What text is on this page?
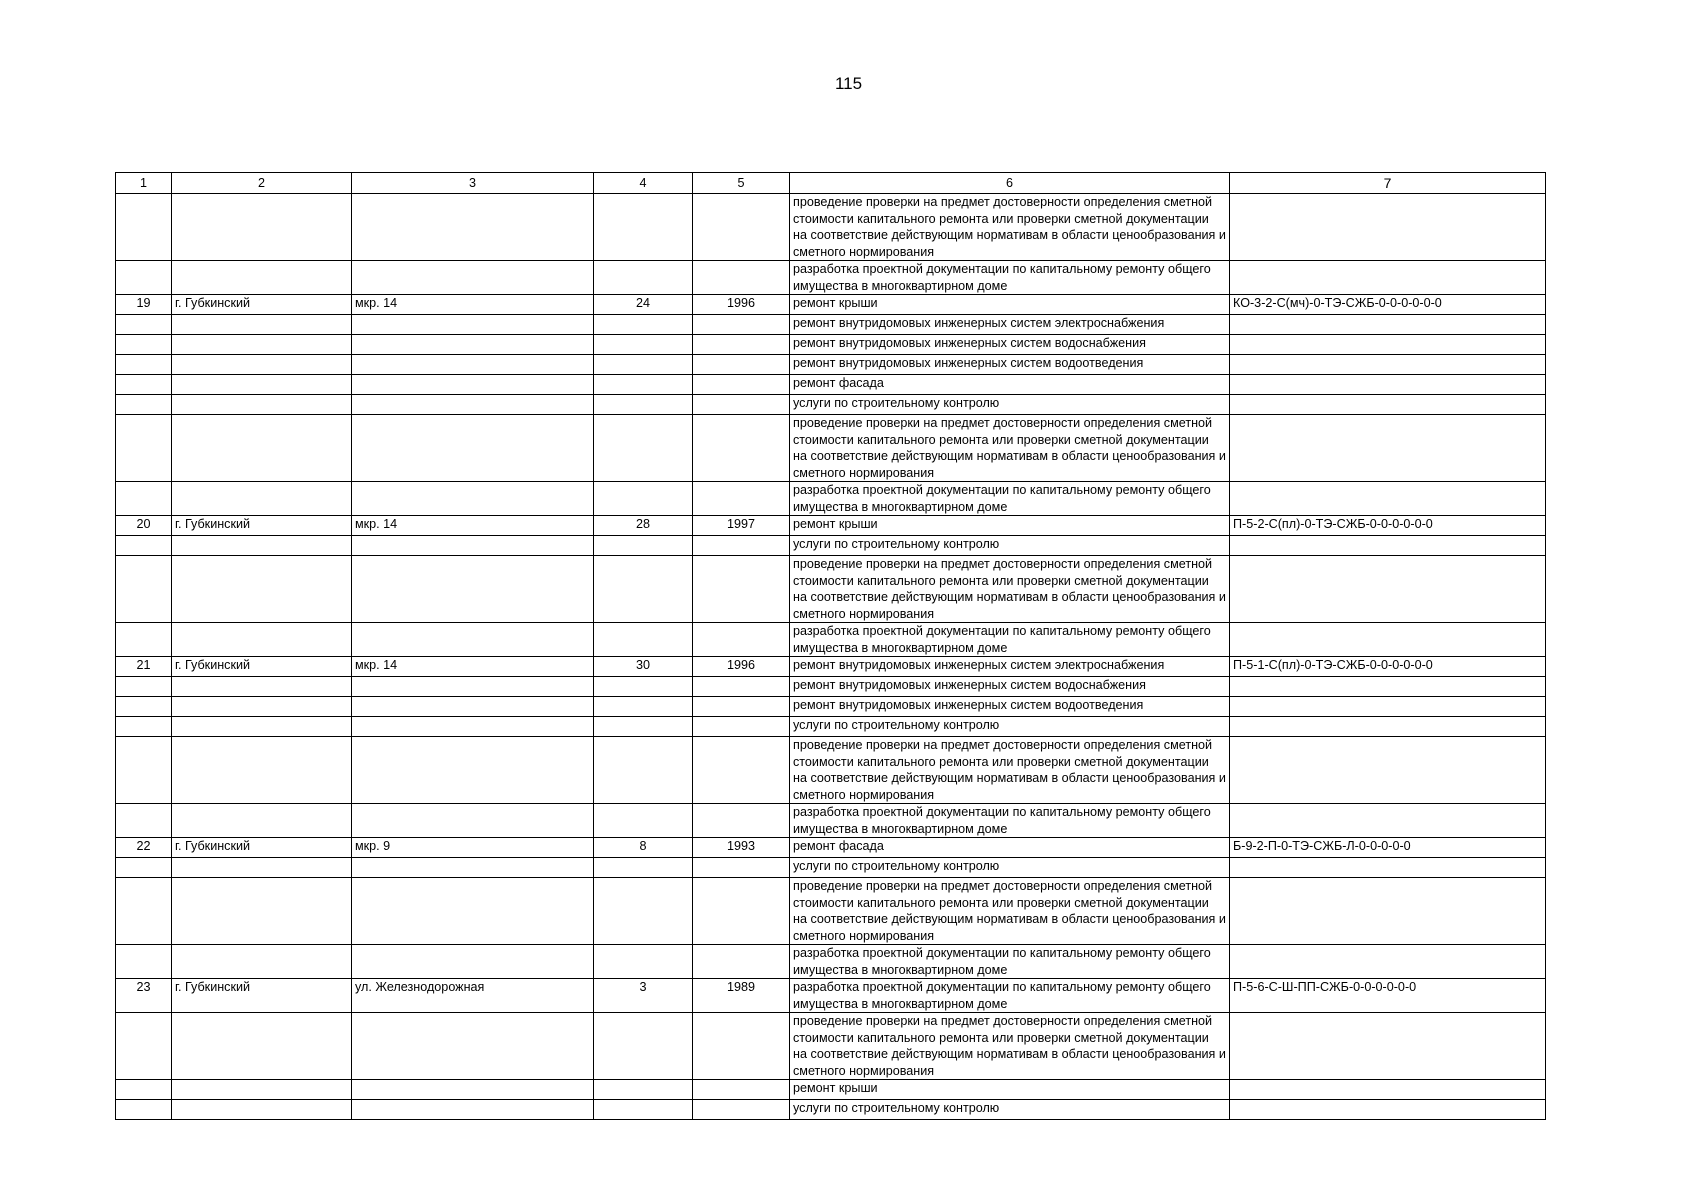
115
1	2	3	4	5	6	7
					проведение проверки на предмет достоверности определения сметной стоимости капитального ремонта или проверки сметной документации на соответствие действующим нормативам в области ценообразования и сметного нормирования	
					разработка проектной документации по капитальному ремонту общего имущества в многоквартирном доме	
19	г. Губкинский	мкр. 14	24	1996	ремонт крыши	КО-3-2-С(мч)-0-ТЭ-СЖБ-0-0-0-0-0-0
					ремонт внутридомовых инженерных систем электроснабжения	
					ремонт внутридомовых инженерных систем водоснабжения	
					ремонт внутридомовых инженерных систем водоотведения	
					ремонт фасада	
					услуги по строительному контролю	
					проведение проверки на предмет достоверности определения сметной стоимости капитального ремонта или проверки сметной документации на соответствие действующим нормативам в области ценообразования и сметного нормирования	
					разработка проектной документации по капитальному ремонту общего имущества в многоквартирном доме	
20	г. Губкинский	мкр. 14	28	1997	ремонт крыши	П-5-2-С(пл)-0-ТЭ-СЖБ-0-0-0-0-0-0
					услуги по строительному контролю	
					проведение проверки на предмет достоверности определения сметной стоимости капитального ремонта или проверки сметной документации на соответствие действующим нормативам в области ценообразования и сметного нормирования	
					разработка проектной документации по капитальному ремонту общего имущества в многоквартирном доме	
21	г. Губкинский	мкр. 14	30	1996	ремонт внутридомовых инженерных систем электроснабжения	П-5-1-С(пл)-0-ТЭ-СЖБ-0-0-0-0-0-0
					ремонт внутридомовых инженерных систем водоснабжения	
					ремонт внутридомовых инженерных систем водоотведения	
					услуги по строительному контролю	
					проведение проверки на предмет достоверности определения сметной стоимости капитального ремонта или проверки сметной документации на соответствие действующим нормативам в области ценообразования и сметного нормирования	
					разработка проектной документации по капитальному ремонту общего имущества в многоквартирном доме	
22	г. Губкинский	мкр. 9	8	1993	ремонт фасада	Б-9-2-П-0-ТЭ-СЖБ-Л-0-0-0-0-0
					услуги по строительному контролю	
					проведение проверки на предмет достоверности определения сметной стоимости капитального ремонта или проверки сметной документации на соответствие действующим нормативам в области ценообразования и сметного нормирования	
					разработка проектной документации по капитальному ремонту общего имущества в многоквартирном доме	
23	г. Губкинский	ул. Железнодорожная	3	1989	разработка проектной документации по капитальному ремонту общего имущества в многоквартирном доме	П-5-6-С-Ш-ПП-СЖБ-0-0-0-0-0-0
					проведение проверки на предмет достоверности определения сметной стоимости капитального ремонта или проверки сметной документации на соответствие действующим нормативам в области ценообразования и сметного нормирования	
					ремонт крыши	
					услуги по строительному контролю	
